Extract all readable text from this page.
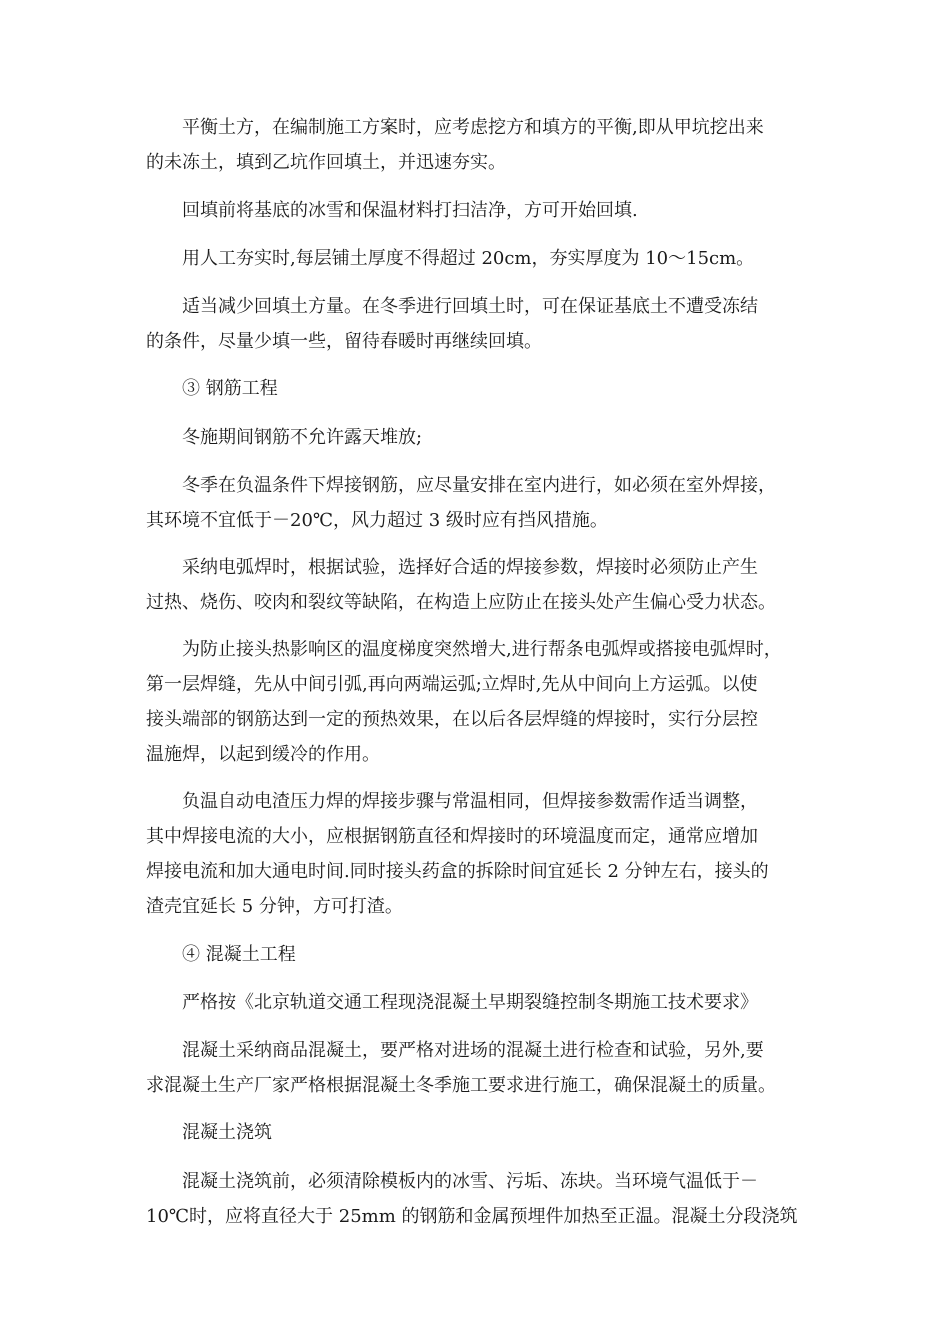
　　平衡土方，在编制施工方案时，应考虑挖方和填方的平衡,即从甲坑挖出来
的未冻土，填到乙坑作回填土，并迅速夯实。
　　回填前将基底的冰雪和保温材料打扫洁净，方可开始回填.
　　用人工夯实时,每层铺土厚度不得超过 20cm，夯实厚度为 10～15cm。
　　适当减少回填土方量。在冬季进行回填土时，可在保证基底土不遭受冻结
的条件，尽量少填一些，留待春暖时再继续回填。
　　③ 钢筋工程
　　冬施期间钢筋不允许露天堆放;
　　冬季在负温条件下焊接钢筋，应尽量安排在室内进行，如必须在室外焊接，
其环境不宜低于－20℃，风力超过 3 级时应有挡风措施。
　　采纳电弧焊时，根据试验，选择好合适的焊接参数，焊接时必须防止产生
过热、烧伤、咬肉和裂纹等缺陷，在构造上应防止在接头处产生偏心受力状态。
　　为防止接头热影响区的温度梯度突然增大,进行帮条电弧焊或搭接电弧焊时，
第一层焊缝，先从中间引弧,再向两端运弧;立焊时,先从中间向上方运弧。以使
接头端部的钢筋达到一定的预热效果，在以后各层焊缝的焊接时，实行分层控
温施焊，以起到缓冷的作用。
　　负温自动电渣压力焊的焊接步骤与常温相同，但焊接参数需作适当调整，
其中焊接电流的大小，应根据钢筋直径和焊接时的环境温度而定，通常应增加
焊接电流和加大通电时间.同时接头药盒的拆除时间宜延长 2 分钟左右，接头的
渣壳宜延长 5 分钟，方可打渣。
　　④ 混凝土工程
　　严格按《北京轨道交通工程现浇混凝土早期裂缝控制冬期施工技术要求》
　　混凝土采纳商品混凝土，要严格对进场的混凝土进行检查和试验，另外,要
求混凝土生产厂家严格根据混凝土冬季施工要求进行施工，确保混凝土的质量。
　　混凝土浇筑
　　混凝土浇筑前，必须清除模板内的冰雪、污垢、冻块。当环境气温低于－
10℃时，应将直径大于 25mm 的钢筋和金属预埋件加热至正温。混凝土分段浇筑
